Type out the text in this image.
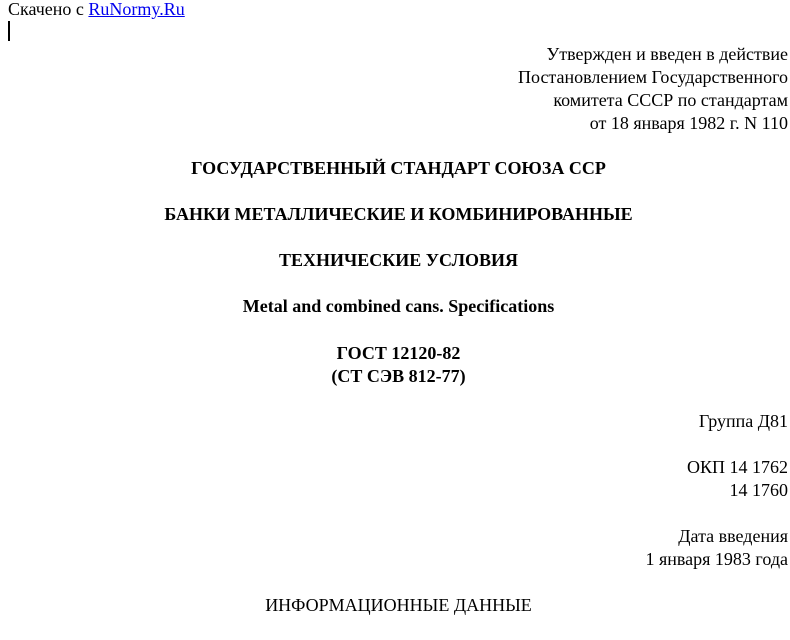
Скачено с RuNormy.Ru
Утвержден и введен в действие
Постановлением Государственного
комитета СССР по стандартам
от 18 января 1982 г. N 110
ГОСУДАРСТВЕННЫЙ СТАНДАРТ СОЮЗА ССР
БАНКИ МЕТАЛЛИЧЕСКИЕ И КОМБИНИРОВАННЫЕ
ТЕХНИЧЕСКИЕ УСЛОВИЯ
Metal and combined cans. Specifications
ГОСТ 12120-82
(СТ СЭВ 812-77)
Группа Д81
ОКП 14 1762
14 1760
Дата введения
1 января 1983 года
ИНФОРМАЦИОННЫЕ ДАННЫЕ
